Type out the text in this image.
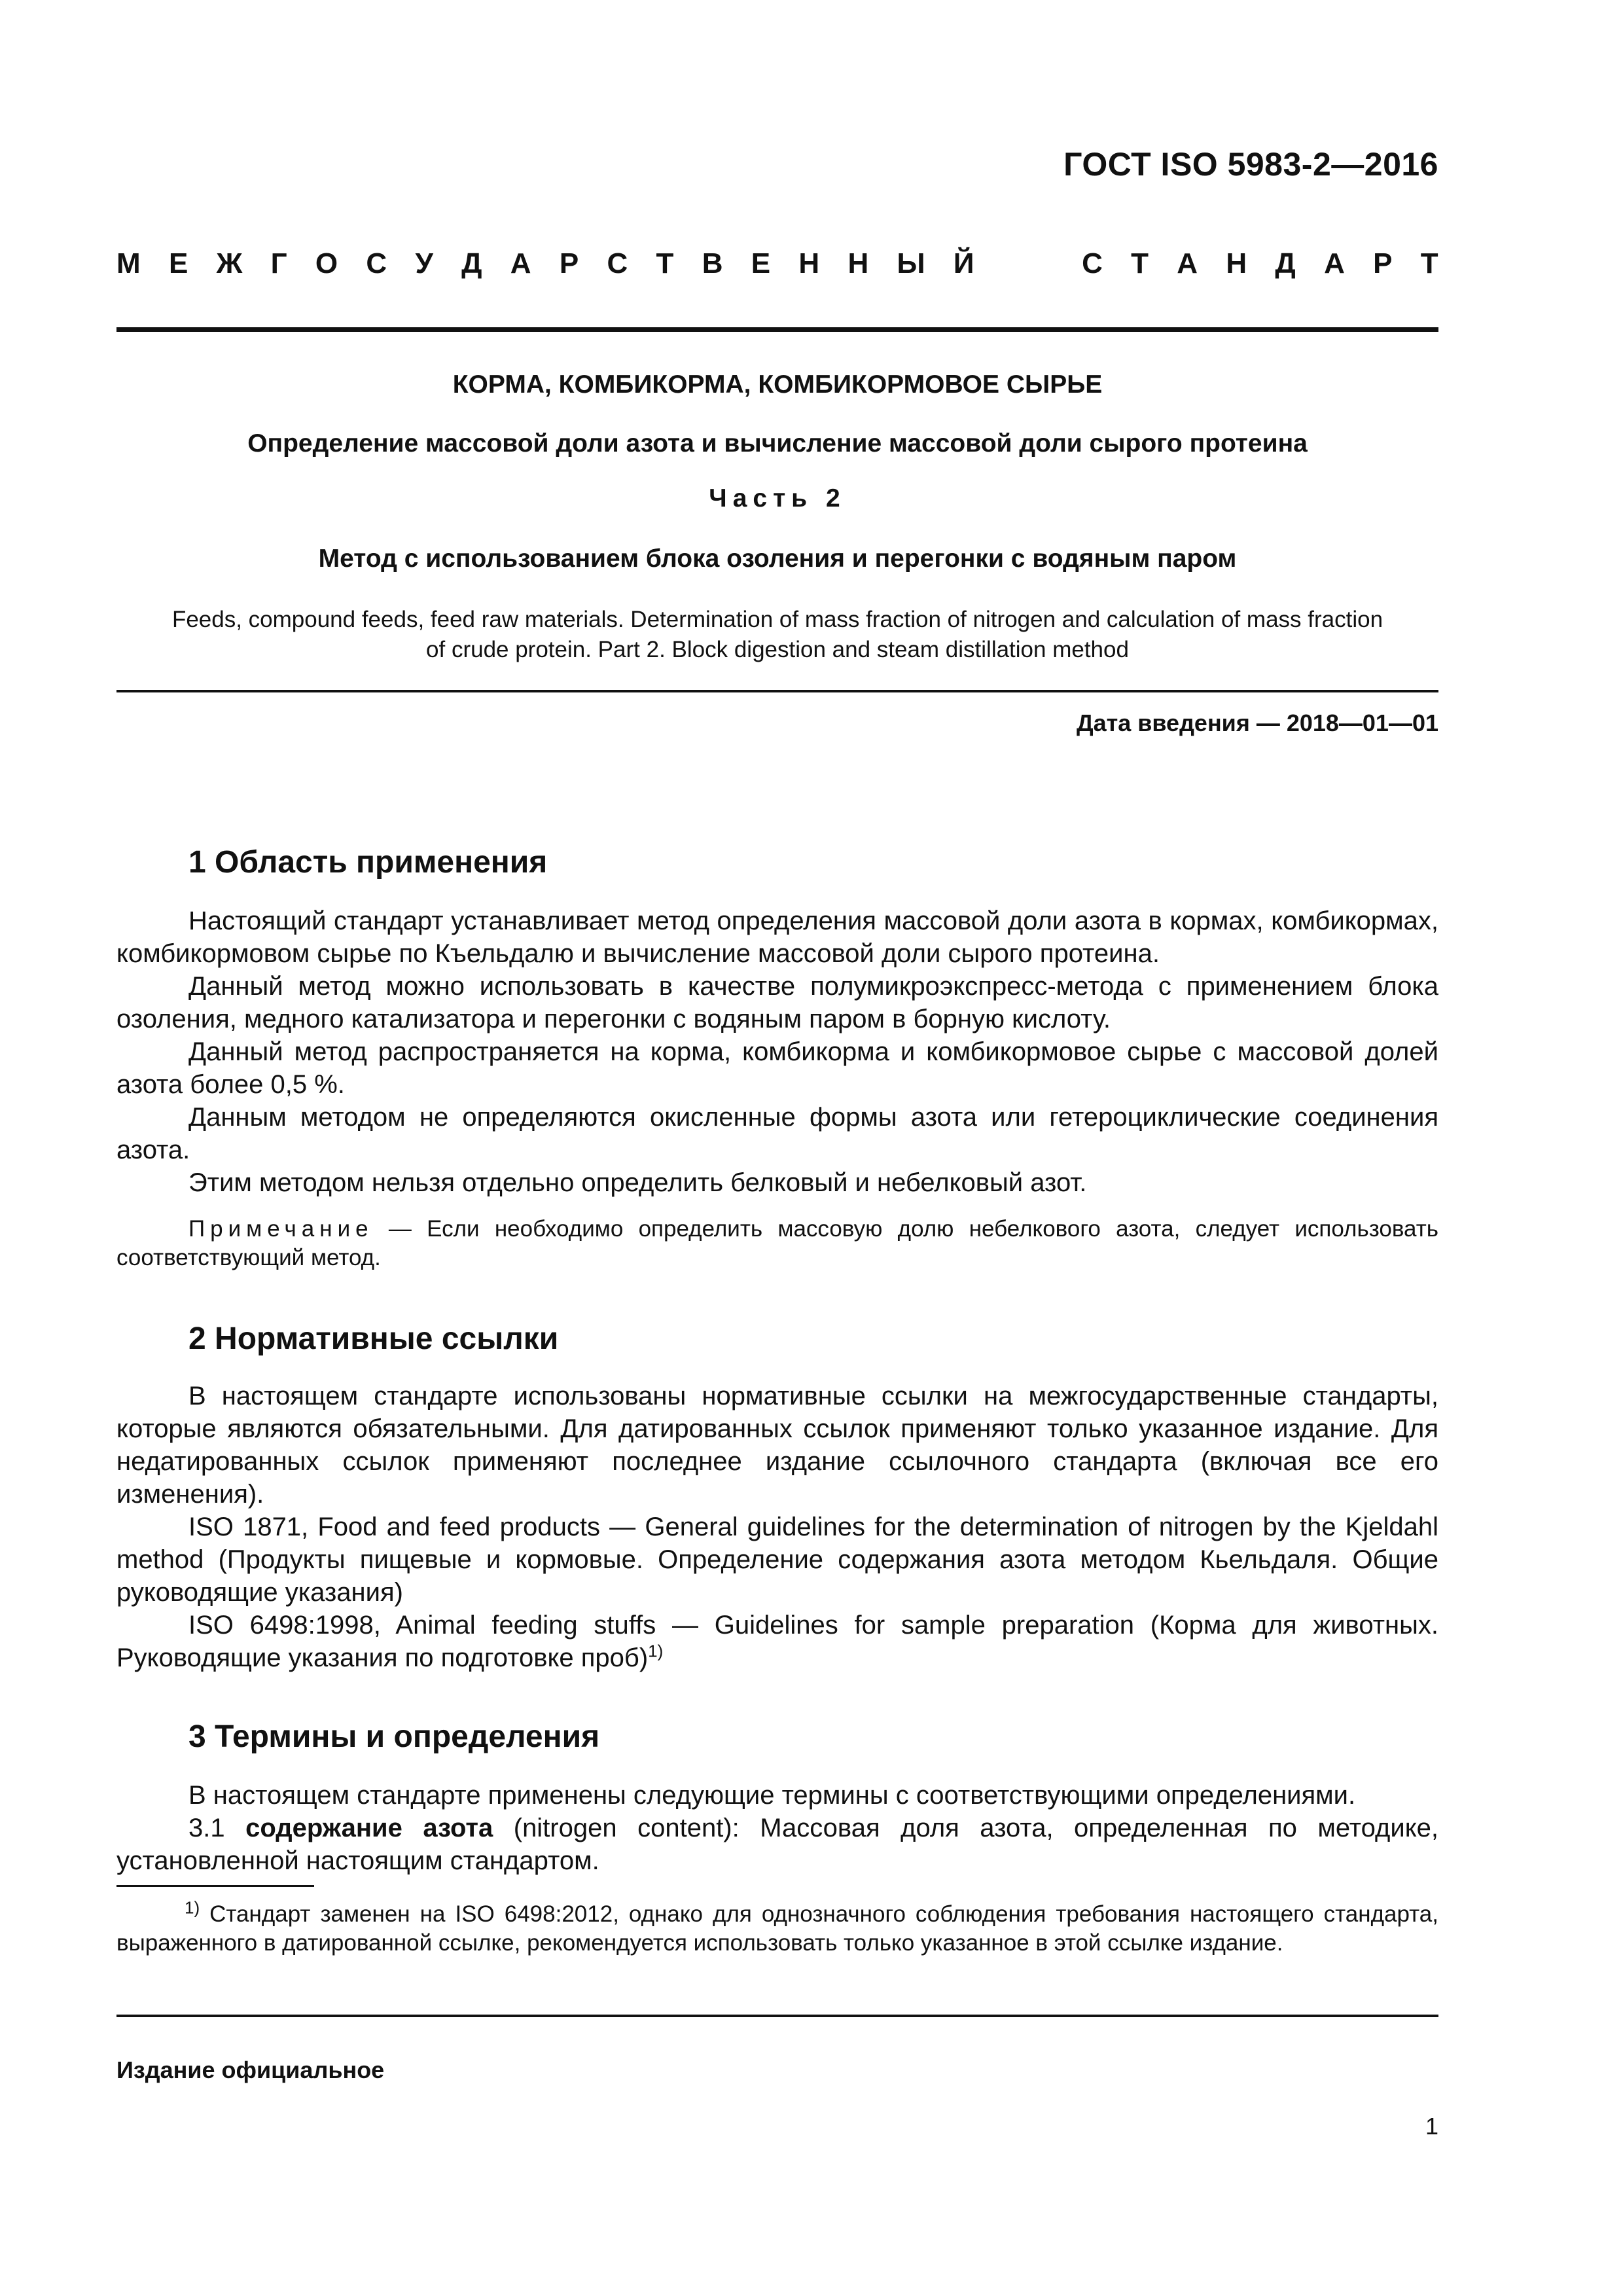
ГОСТ ISO 5983-2—2016
М Е Ж Г О С У Д А Р С Т В Е Н Н Ы Й	С Т А Н Д А Р Т
КОРМА, КОМБИКОРМА, КОМБИКОРМОВОЕ СЫРЬЕ
Определение массовой доли азота и вычисление массовой доли сырого протеина
Часть 2
Метод с использованием блока озоления и перегонки с водяным паром
Feeds, compound feeds, feed raw materials. Determination of mass fraction of nitrogen and calculation of mass fraction
of crude protein. Part 2. Block digestion and steam distillation method
Дата введения — 2018—01—01
1 Область применения

Настоящий стандарт устанавливает метод определения массовой доли азота в кормах, комбикормах, комбикормовом сырье по Къельдалю и вычисление массовой доли сырого протеина.

Данный метод можно использовать в качестве полумикроэкспресс-метода с применением блока озоления, медного катализатора и перегонки с водяным паром в борную кислоту.

Данный метод распространяется на корма, комбикорма и комбикормовое сырье с массовой долей азота более 0,5 %.

Данным методом не определяются окисленные формы азота или гетероциклические соединения азота.

Этим методом нельзя отдельно определить белковый и небелковый азот.

Примечание — Если необходимо определить массовую долю небелкового азота, следует использовать соответствующий метод.

2 Нормативные ссылки

В настоящем стандарте использованы нормативные ссылки на межгосударственные стандарты, которые являются обязательными. Для датированных ссылок применяют только указанное издание. Для недатированных ссылок применяют последнее издание ссылочного стандарта (включая все его изменения).

ISO 1871, Food and feed products — General guidelines for the determination of nitrogen by the Kjeldahl method (Продукты пищевые и кормовые. Определение содержания азота методом Кьельдаля. Общие руководящие указания)

ISO 6498:1998, Animal feeding stuffs — Guidelines for sample preparation (Корма для животных. Руководящие указания по подготовке проб)$^{1)}$

3 Термины и определения

В настоящем стандарте применены следующие термины с соответствующими определениями.

3.1 содержание азота (nitrogen content): Массовая доля азота, определенная по методике, установленной настоящим стандартом.

$^{1)}$ Стандарт заменен на ISO 6498:2012, однако для однозначного соблюдения требования настоящего стандарта, выраженного в датированной ссылке, рекомендуется использовать только указанное в этой ссылке издание.

Издание официальное
1
